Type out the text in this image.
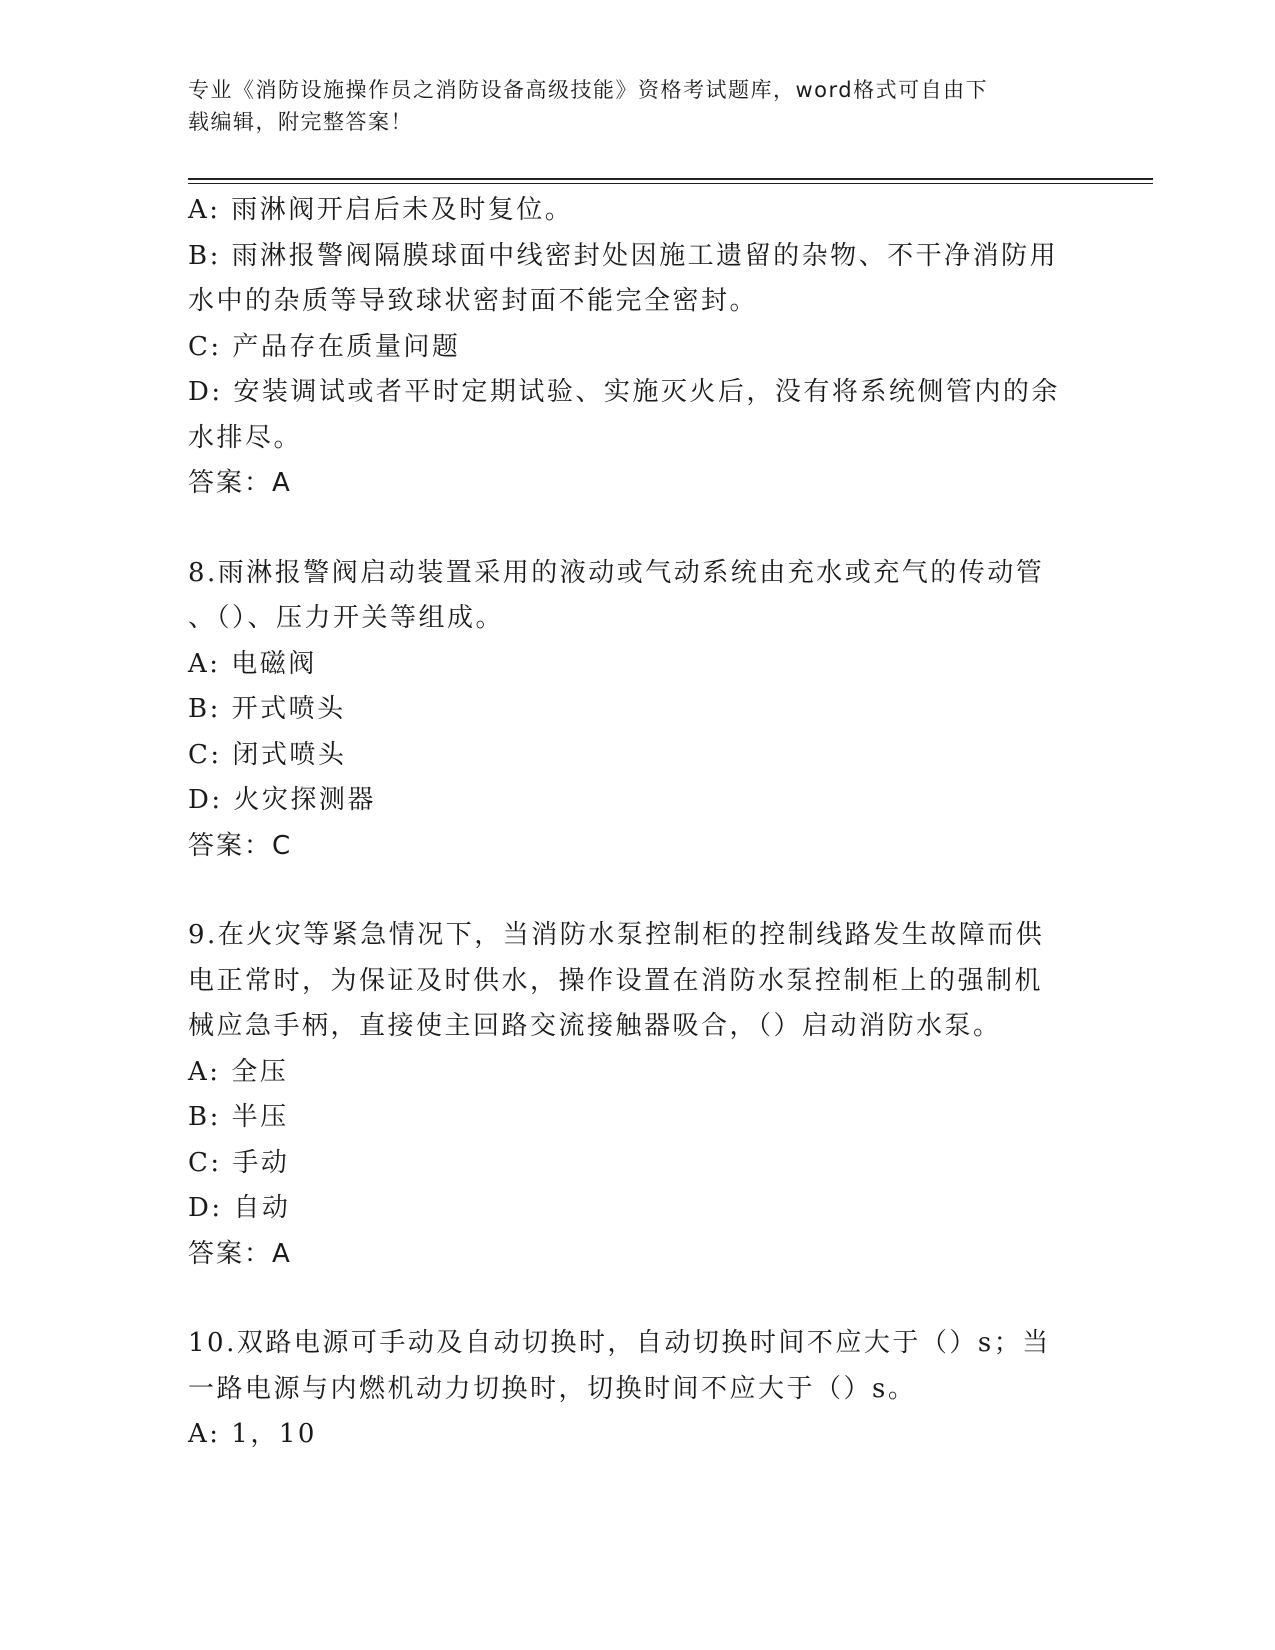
专业《消防设施操作员之消防设备高级技能》资格考试题库，word格式可自由下
载编辑，附完整答案！

A: 雨淋阀开启后未及时复位。

B: 雨淋报警阀隔膜球面中线密封处因施工遗留的杂物、不干净消防用

水中的杂质等导致球状密封面不能完全密封。

C: 产品存在质量问题

D: 安装调试或者平时定期试验、实施灭火后，没有将系统侧管内的余

水排尽。

答案：A

8.雨淋报警阀启动装置采用的液动或气动系统由充水或充气的传动管

、（）、压力开关等组成。

A: 电磁阀

B: 开式喷头

C: 闭式喷头

D: 火灾探测器

答案：C

9.在火灾等紧急情况下，当消防水泵控制柜的控制线路发生故障而供

电正常时，为保证及时供水，操作设置在消防水泵控制柜上的强制机

械应急手柄，直接使主回路交流接触器吸合，（）启动消防水泵。

A: 全压

B: 半压

C: 手动

D: 自动

答案：A

10.双路电源可手动及自动切换时，自动切换时间不应大于（）s；当

一路电源与内燃机动力切换时，切换时间不应大于（）s。

A: 1，10
